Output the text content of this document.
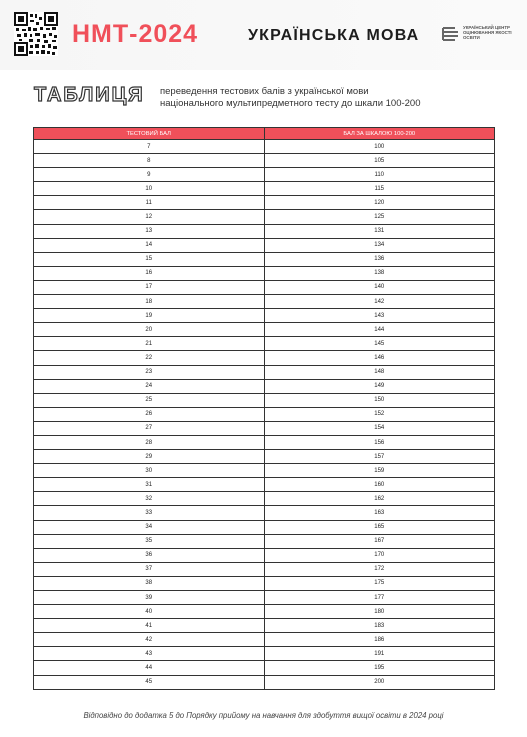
НМТ-2024	УКРАЇНСЬКА МОВА	УКРАЇНСЬКИЙ ЦЕНТР ОЦІНЮВАННЯ ЯКОСТІ ОСВІТИ
ТАБЛИЦЯ переведення тестових балів з української мови
національного мультипредметного тесту до шкали 100-200
ТЕСТОВИЙ БАЛ	БАЛ ЗА ШКАЛОЮ 100-200
7	100
8	105
9	110
10	115
11	120
12	125
13	131
14	134
15	136
16	138
17	140
18	142
19	143
20	144
21	145
22	146
23	148
24	149
25	150
26	152
27	154
28	156
29	157
30	159
31	160
32	162
33	163
34	165
35	167
36	170
37	172
38	175
39	177
40	180
41	183
42	186
43	191
44	195
45	200
Відповідно до додатка 5 до Порядку прийому на навчання для здобуття вищої освіти в 2024 році
